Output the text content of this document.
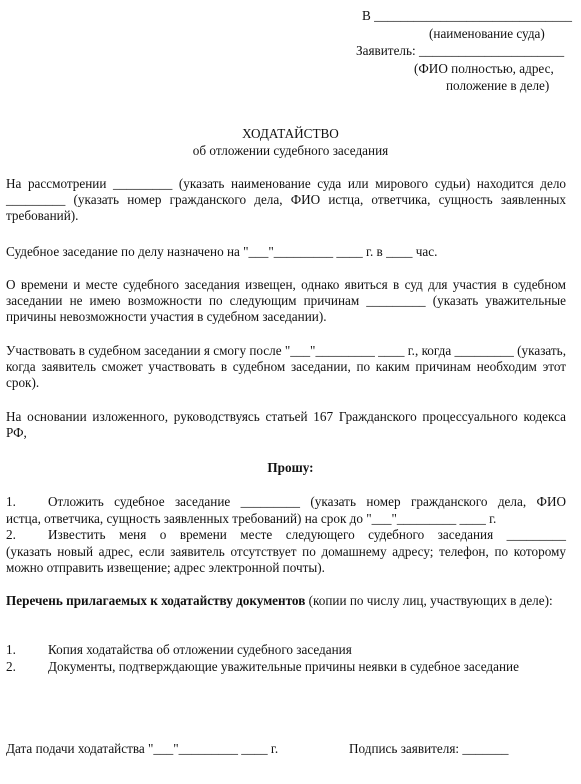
В ______________________________
(наименование суда)
Заявитель: ______________________
(ФИО полностью, адрес,
положение в деле)
ХОДАТАЙСТВО
об отложении судебного заседания
На рассмотрении _________ (указать наименование суда или мирового судьи) находится дело _________ (указать номер гражданского дела, ФИО истца, ответчика, сущность заявленных требований).
Судебное заседание по делу назначено на "___"_________ ____ г. в ____ час.
О времени и месте судебного заседания извещен, однако явиться в суд для участия в судебном заседании не имею возможности по следующим причинам _________ (указать уважительные причины невозможности участия в судебном заседании).
Участвовать в судебном заседании я смогу после "___"_________ ____ г., когда _________ (указать, когда заявитель сможет участвовать в судебном заседании, по каким причинам необходим этот срок).
На основании изложенного, руководствуясь статьей 167 Гражданского процессуального кодекса РФ,
Прошу:
1. Отложить судебное заседание _________ (указать номер гражданского дела, ФИО
истца, ответчика, сущность заявленных требований) на срок до "___"_________ ____ г.
2. Известить меня о времени месте следующего судебного заседания _________
(указать новый адрес, если заявитель отсутствует по домашнему адресу; телефон, по которому можно отправить извещение; адрес электронной почты).
Перечень прилагаемых к ходатайству документов (копии по числу лиц, участвующих в деле):
1. Копия ходатайства об отложении судебного заседания
2. Документы, подтверждающие уважительные причины неявки в судебное заседание
Дата подачи ходатайства "___"_________ ____ г.	Подпись заявителя: _______
